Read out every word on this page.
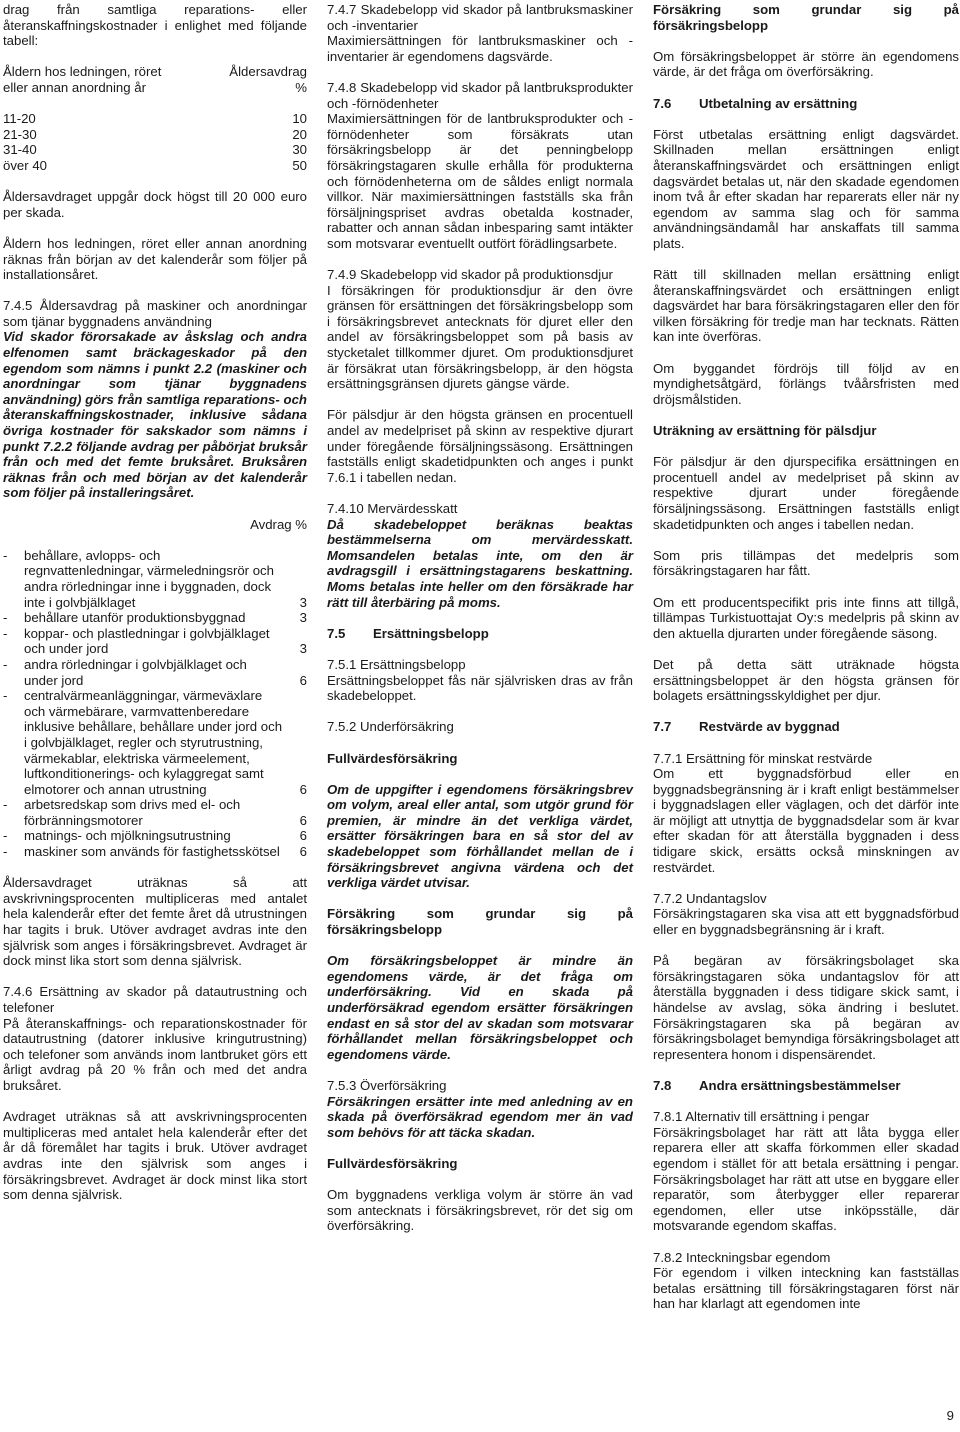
drag från samtliga reparations- eller återanskaffningskostnader i enlighet med följande tabell:

Åldern hos ledningen, röret	Åldersavdrag
eller annan anordning år	%
11-20	10
21-30	20
31-40	30
över 40	50

Åldersavdraget uppgår dock högst till 20 000 euro per skada.

Åldern hos ledningen, röret eller annan anordning räknas från början av det kalenderår som följer på installationsåret.

7.4.5 Åldersavdrag på maskiner och anordningar som tjänar byggnadens användning

Vid skador förorsakade av åskslag och andra elfenomen samt bräckageskador på den egendom som nämns i punkt 2.2 (maskiner och anordningar som tjänar byggnadens användning) görs från samtliga reparations- och återanskaffningskostnader, inklusive sådana övriga kostnader för sakskador som nämns i punkt 7.2.2 följande avdrag per påbörjat bruksår från och med det femte bruksåret. Bruksåren räknas från och med början av det kalenderår som följer på installeringsåret.

Avdrag %

-	behållare, avlopps- och regnvattenledningar, värmeledningsrör och andra rörledningar inne i byggnaden, dock inte i golvbjälklaget	3
-	behållare utanför produktionsbyggnad	3
-	koppar- och plastledningar i golvbjälklaget och under jord	3
-	andra rörledningar i golvbjälklaget och under jord	6
-	centralvärmeanläggningar, värmeväxlare och värmebärare, varmvattenberedare inklusive behållare, behållare under jord och i golvbjälklaget, regler och styrutrustning, värmekablar, elektriska värmeelement, luftkonditionerings- och kylaggregat samt elmotorer och annan utrustning	6
-	arbetsredskap som drivs med el- och förbränningsmotorer	6
-	matnings- och mjölkningsutrustning	6
-	maskiner som används för fastighetsskötsel	6

Åldersavdraget uträknas så att avskrivningsprocenten multipliceras med antalet hela kalenderår efter det femte året då utrustningen har tagits i bruk. Utöver avdraget avdras inte den självrisk som anges i försäkringsbrevet. Avdraget är dock minst lika stort som denna självrisk.

7.4.6 Ersättning av skador på datautrustning och telefoner

På återanskaffnings- och reparationskostnader för datautrustning (datorer inklusive kringutrustning) och telefoner som används inom lantbruket görs ett årligt avdrag på 20 % från och med det andra bruksåret.

Avdraget uträknas så att avskrivningsprocenten multipliceras med antalet hela kalenderår efter det år då föremålet har tagits i bruk. Utöver avdraget avdras inte den självrisk som anges i försäkringsbrevet. Avdraget är dock minst lika stort som denna självrisk.

7.4.7 Skadebelopp vid skador på lantbruksmaskiner och -inventarier

Maximiersättningen för lantbruksmaskiner och -inventarier är egendomens dagsvärde.

7.4.8 Skadebelopp vid skador på lantbruksprodukter och -förnödenheter

Maximiersättningen för de lantbruksprodukter och -förnödenheter som försäkrats utan försäkringsbelopp är det penningbelopp försäkringstagaren skulle erhålla för produkterna och förnödenheterna om de såldes enligt normala villkor. När maximiersättningen fastställs ska från försäljningspriset avdras obetalda kostnader, rabatter och annan sådan inbesparing samt intäkter som motsvarar eventuellt outfört förädlingsarbete.

7.4.9 Skadebelopp vid skador på produktionsdjur

I försäkringen för produktionsdjur är den övre gränsen för ersättningen det försäkringsbelopp som i försäkringsbrevet antecknats för djuret eller den andel av försäkringsbeloppet som på basis av stycketalet tillkommer djuret. Om produktionsdjuret är försäkrat utan försäkringsbelopp, är den högsta ersättningsgränsen djurets gängse värde.

För pälsdjur är den högsta gränsen en procentuell andel av medelpriset på skinn av respektive djurart under föregående försäljningssäsong. Ersättningen fastställs enligt skadetidpunkten och anges i punkt 7.6.1 i tabellen nedan.

7.4.10 Mervärdesskatt

Då skadebeloppet beräknas beaktas bestämmelserna om mervärdesskatt. Momsandelen betalas inte, om den är avdragsgill i ersättningstagarens beskattning. Moms betalas inte heller om den försäkrade har rätt till återbäring på moms.

7.5 Ersättningsbelopp

7.5.1 Ersättningsbelopp

Ersättningsbeloppet fås när självrisken dras av från skadebeloppet.

7.5.2 Underförsäkring

Fullvärdesförsäkring

Om de uppgifter i egendomens försäkringsbrev om volym, areal eller antal, som utgör grund för premien, är mindre än det verkliga värdet, ersätter försäkringen bara en så stor del av skadebeloppet som förhållandet mellan de i försäkringsbrevet angivna värdena och det verkliga värdet utvisar.

Försäkring som grundar sig på försäkringsbelopp

Om försäkringsbeloppet är mindre än egendomens värde, är det fråga om underförsäkring. Vid en skada på underförsäkrad egendom ersätter försäkringen endast en så stor del av skadan som motsvarar förhållandet mellan försäkringsbeloppet och egendomens värde.

7.5.3 Överförsäkring

Försäkringen ersätter inte med anledning av en skada på överförsäkrad egendom mer än vad som behövs för att täcka skadan.

Fullvärdesförsäkring

Om byggnadens verkliga volym är större än vad som antecknats i försäkringsbrevet, rör det sig om överförsäkring.

Försäkring som grundar sig på försäkringsbelopp

Om försäkringsbeloppet är större än egendomens värde, är det fråga om överförsäkring.

7.6 Utbetalning av ersättning

Först utbetalas ersättning enligt dagsvärdet. Skillnaden mellan ersättningen enligt återanskaffningsvärdet och ersättningen enligt dagsvärdet betalas ut, när den skadade egendomen inom två år efter skadan har reparerats eller när ny egendom av samma slag och för samma användningsändamål har anskaffats till samma plats.

Rätt till skillnaden mellan ersättning enligt återanskaffningsvärdet och ersättningen enligt dagsvärdet har bara försäkringstagaren eller den för vilken försäkring för tredje man har tecknats. Rätten kan inte överföras.

Om byggandet fördröjs till följd av en myndighetsåtgärd, förlängs tvåårsfristen med dröjsmålstiden.

Uträkning av ersättning för pälsdjur

För pälsdjur är den djurspecifika ersättningen en procentuell andel av medelpriset på skinn av respektive djurart under föregående försäljningssäsong. Ersättningen fastställs enligt skadetidpunkten och anges i tabellen nedan.

Som pris tillämpas det medelpris som försäkringstagaren har fått.

Om ett producentspecifikt pris inte finns att tillgå, tillämpas Turkistuottajat Oy:s medelpris på skinn av den aktuella djurarten under föregående säsong.

Det på detta sätt uträknade högsta ersättningsbeloppet är den högsta gränsen för bolagets ersättningsskyldighet per djur.

7.7 Restvärde av byggnad

7.7.1 Ersättning för minskat restvärde

Om ett byggnadsförbud eller en byggnadsbegränsning är i kraft enligt bestämmelser i byggnadslagen eller väglagen, och det därför inte är möjligt att utnyttja de byggnadsdelar som är kvar efter skadan för att återställa byggnaden i dess tidigare skick, ersätts också minskningen av restvärdet.

7.7.2 Undantagslov

Försäkringstagaren ska visa att ett byggnadsförbud eller en byggnadsbegränsning är i kraft.

På begäran av försäkringsbolaget ska försäkringstagaren söka undantagslov för att återställa byggnaden i dess tidigare skick samt, i händelse av avslag, söka ändring i beslutet. Försäkringstagaren ska på begäran av försäkringsbolaget bemyndiga försäkringsbolaget att representera honom i dispensärendet.

7.8 Andra ersättningsbestämmelser

7.8.1 Alternativ till ersättning i pengar

Försäkringsbolaget har rätt att låta bygga eller reparera eller att skaffa förkommen eller skadad egendom i stället för att betala ersättning i pengar. Försäkringsbolaget har rätt att utse en byggare eller reparatör, som återbygger eller reparerar egendomen, eller utse inköpsställe, där motsvarande egendom skaffas.

7.8.2 Inteckningsbar egendom

För egendom i vilken inteckning kan fastställas betalas ersättning till försäkringstagaren först när han har klarlagt att egendomen inte

9
